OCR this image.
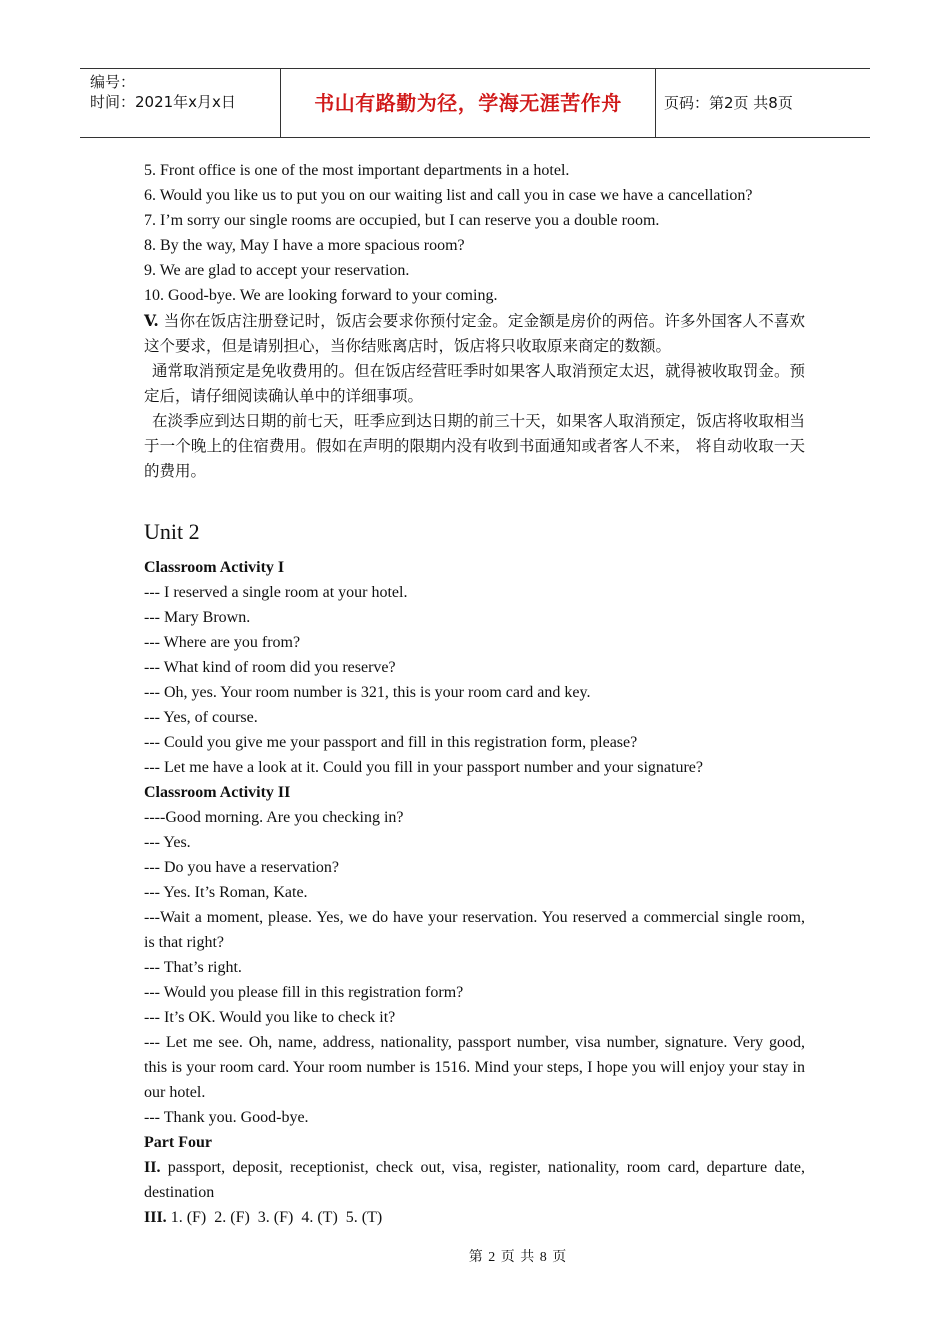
编号：
时间：2021年x月x日	书山有路勤为径，学海无涯苦作舟	页码：第2页 共8页

5. Front office is one of the most important departments in a hotel.

6. Would you like us to put you on our waiting list and call you in case we have a cancellation?

7. I’m sorry our single rooms are occupied, but I can reserve you a double room.

8. By the way, May I have a more spacious room?

9. We are glad to accept your reservation.

10. Good-bye. We are looking forward to your coming.

V. 当你在饭店注册登记时，饭店会要求你预付定金。定金额是房价的两倍。许多外国客人不喜欢这个要求，但是请别担心，当你结账离店时，饭店将只收取原来商定的数额。

通常取消预定是免收费用的。但在饭店经营旺季时如果客人取消预定太迟，就得被收取罚金。预定后，请仔细阅读确认单中的详细事项。

在淡季应到达日期的前七天，旺季应到达日期的前三十天，如果客人取消预定，饭店将收取相当于一个晚上的住宿费用。假如在声明的限期内没有收到书面通知或者客人不来， 将自动收取一天的费用。

Unit 2

Classroom Activity I

--- I reserved a single room at your hotel.

--- Mary Brown.

--- Where are you from?

--- What kind of room did you reserve?

--- Oh, yes. Your room number is 321, this is your room card and key.

--- Yes, of course.

--- Could you give me your passport and fill in this registration form, please?

--- Let me have a look at it. Could you fill in your passport number and your signature?

Classroom Activity II

----Good morning. Are you checking in?

--- Yes.

--- Do you have a reservation?

--- Yes. It’s Roman, Kate.

---Wait a moment, please. Yes, we do have your reservation. You reserved a commercial single room, is that right?

--- That’s right.

--- Would you please fill in this registration form?

--- It’s OK. Would you like to check it?

--- Let me see. Oh, name, address, nationality, passport number, visa number, signature. Very good, this is your room card. Your room number is 1516. Mind your steps, I hope you will enjoy your stay in our hotel.

--- Thank you. Good-bye.

Part Four

II. passport, deposit, receptionist, check out, visa, register, nationality, room card, departure date, destination

III. 1. (F)  2. (F)  3. (F)  4. (T)  5. (T)

第 2 页 共 8 页
